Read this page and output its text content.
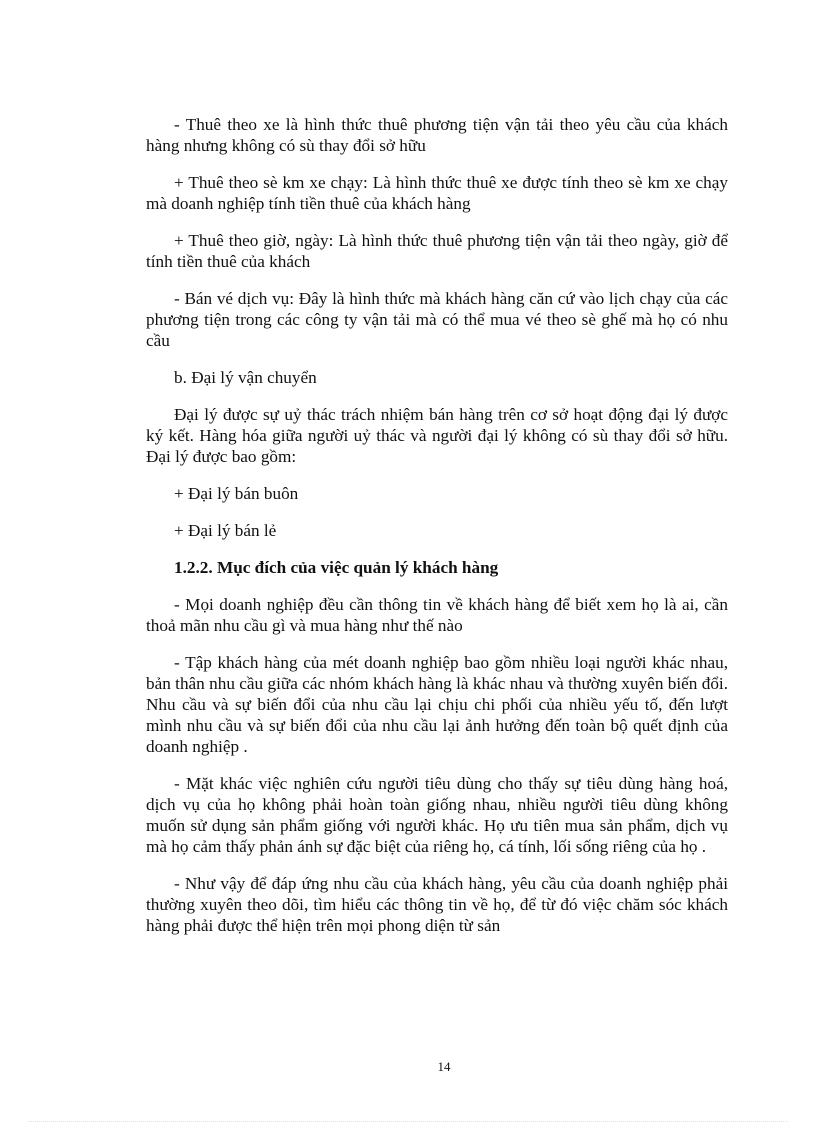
- Thuê theo xe là hình thức thuê phương tiện vận tải theo yêu cầu của khách hàng nhưng không có sù thay đổi sở hữu

+ Thuê theo sè km xe chạy: Là hình thức thuê xe được tính theo sè km xe chạy mà doanh nghiệp tính tiền thuê của khách hàng

+ Thuê theo giờ, ngày: Là hình thức thuê phương tiện vận tải theo ngày, giờ để tính tiền thuê của khách

- Bán vé dịch vụ: Đây là hình thức mà khách hàng căn cứ vào lịch chạy của các phương tiện trong các công ty vận tải mà có thể mua vé theo sè ghế mà họ có nhu cầu

b. Đại lý vận chuyển

Đại lý được sự uỷ thác trách nhiệm bán hàng trên cơ sở hoạt động đại lý được ký kết. Hàng hóa giữa người uỷ thác và người đại lý không có sù thay đổi sở hữu. Đại lý được bao gồm:

+ Đại lý bán buôn

+ Đại lý bán lẻ

1.2.2. Mục đích của việc quản lý khách hàng

- Mọi doanh nghiệp đều cần thông tin về khách hàng để biết xem họ là ai, cần thoả mãn nhu cầu gì và mua hàng như thế nào

- Tập khách hàng của mét doanh nghiệp bao gồm nhiều loại người khác nhau, bản thân nhu cầu giữa các nhóm khách hàng là khác nhau và thường xuyên biến đổi. Nhu cầu và sự biến đổi của nhu cầu lại chịu chi phối của nhiều yếu tố, đến lượt mình nhu cầu và sự biến đổi của nhu cầu lại ảnh hưởng đến toàn bộ quết định của doanh nghiệp .

- Mặt khác việc nghiên cứu người tiêu dùng cho thấy sự tiêu dùng hàng hoá, dịch vụ của họ không phải hoàn toàn giống nhau, nhiều người tiêu dùng không muốn sử dụng sản phẩm giống với người khác. Họ ưu tiên mua sản phẩm, dịch vụ mà họ cảm thấy phản ánh sự đặc biệt của riêng họ, cá tính, lối sống riêng của họ .

- Như vậy để đáp ứng nhu cầu của khách hàng, yêu cầu của doanh nghiệp phải thường xuyên theo dõi, tìm hiểu các thông tin về họ, để từ đó việc chăm sóc khách hàng phải được thể hiện trên mọi phong diện từ sản

14
